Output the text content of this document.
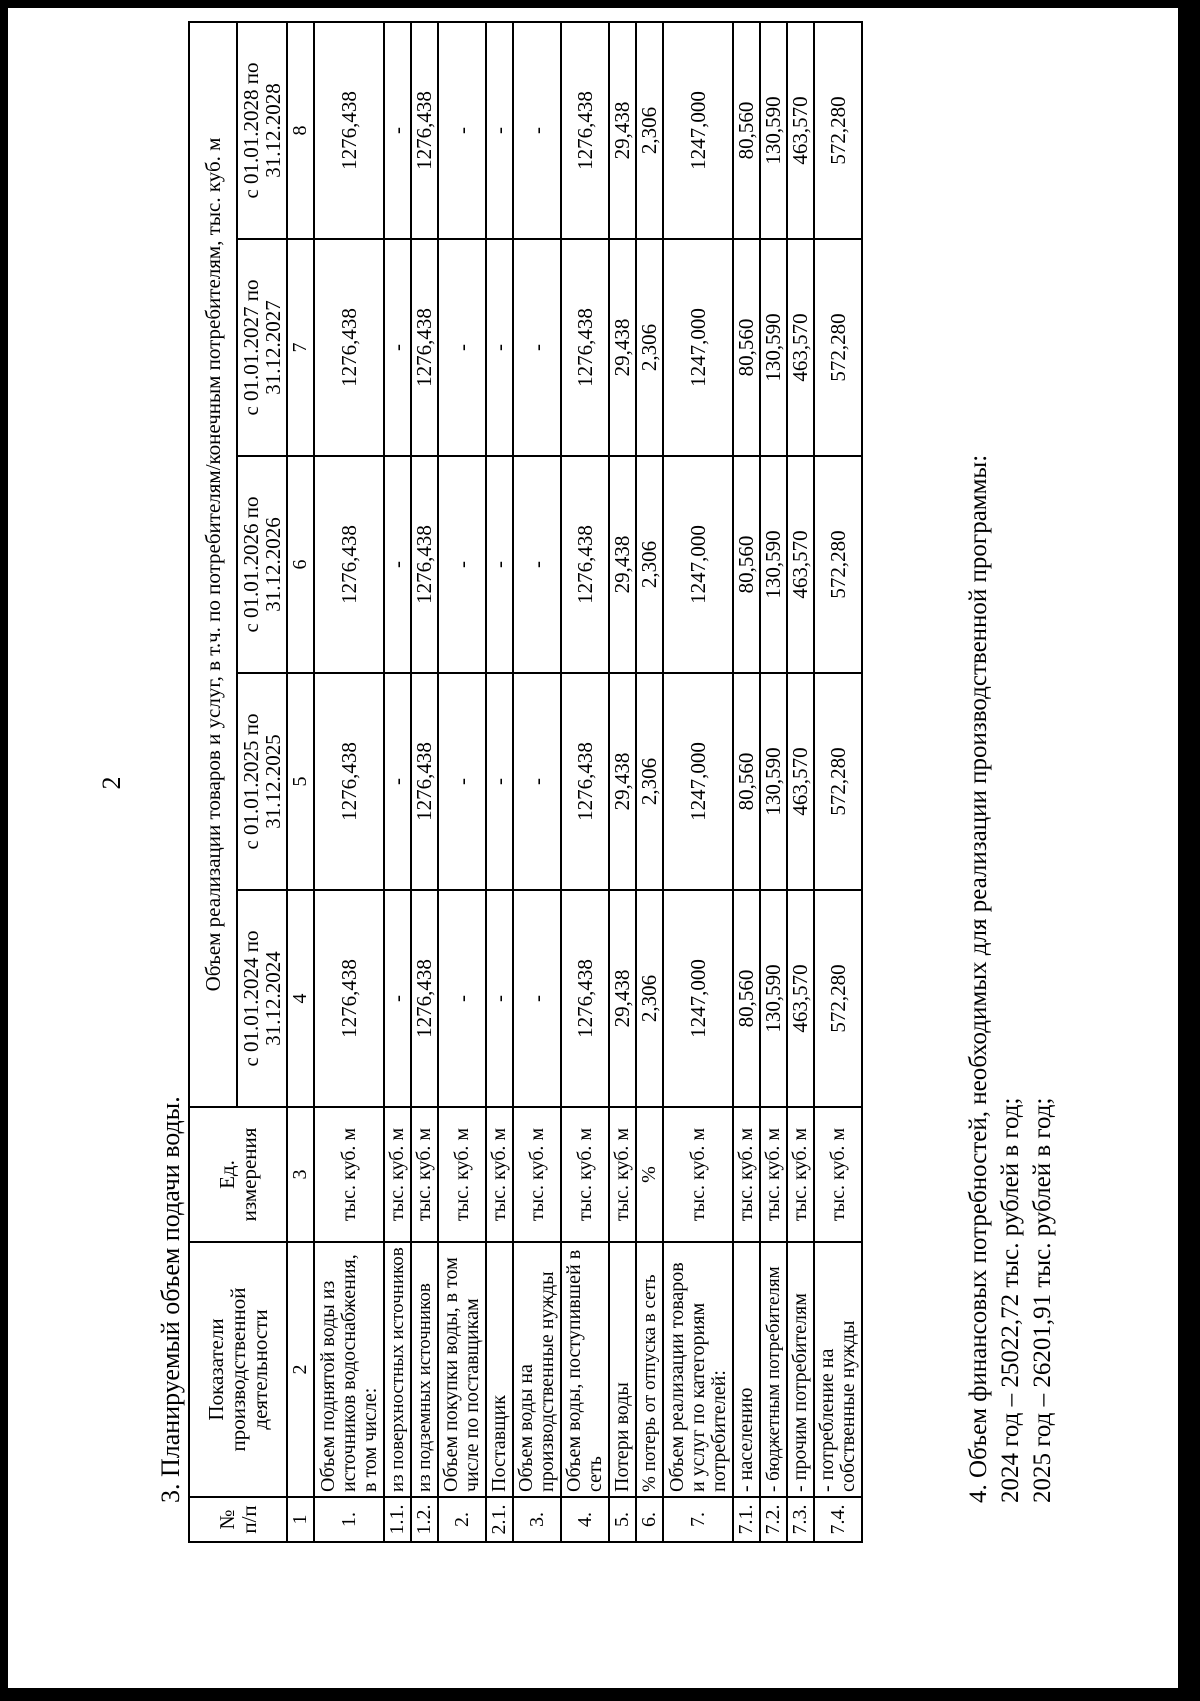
2
3. Планируемый объем подачи воды.
№ п/п	Показатели производственной деятельности	Ед. измерения	Объем реализации товаров и услуг, в т.ч. по потребителям/конечным потребителям, тыс. куб. м				
			с 01.01.2024 по 31.12.2024	с 01.01.2025 по 31.12.2025	с 01.01.2026 по 31.12.2026	с 01.01.2027 по 31.12.2027	с 01.01.2028 по 31.12.2028
1	2	3	4	5	6	7	8
1.	Объем поднятой воды из источников водоснабжения, в том числе:	тыс. куб. м	1276,438	1276,438	1276,438	1276,438	1276,438
1.1.	из поверхностных источников	тыс. куб. м	-	-	-	-	-
1.2.	из подземных источников	тыс. куб. м	1276,438	1276,438	1276,438	1276,438	1276,438
2.	Объем покупки воды, в том числе по поставщикам	тыс. куб. м	-	-	-	-	-
2.1.	Поставщик	тыс. куб. м	-	-	-	-	-
3.	Объем воды на производственные нужды	тыс. куб. м	-	-	-	-	-
4.	Объем воды, поступившей в сеть	тыс. куб. м	1276,438	1276,438	1276,438	1276,438	1276,438
5.	Потери воды	тыс. куб. м	29,438	29,438	29,438	29,438	29,438
6.	% потерь от отпуска в сеть	%	2,306	2,306	2,306	2,306	2,306
7.	Объем реализации товаров и услуг по категориям потребителей:	тыс. куб. м	1247,000	1247,000	1247,000	1247,000	1247,000
7.1.	- населению	тыс. куб. м	80,560	80,560	80,560	80,560	80,560
7.2.	- бюджетным потребителям	тыс. куб. м	130,590	130,590	130,590	130,590	130,590
7.3.	- прочим потребителям	тыс. куб. м	463,570	463,570	463,570	463,570	463,570
7.4.	- потребление на собственные нужды	тыс. куб. м	572,280	572,280	572,280	572,280	572,280

4. Объем финансовых потребностей, необходимых для реализации производственной программы: 2024 год – 25022,72 тыс. рублей в год; 2025 год – 26201,91 тыс. рублей в год;
